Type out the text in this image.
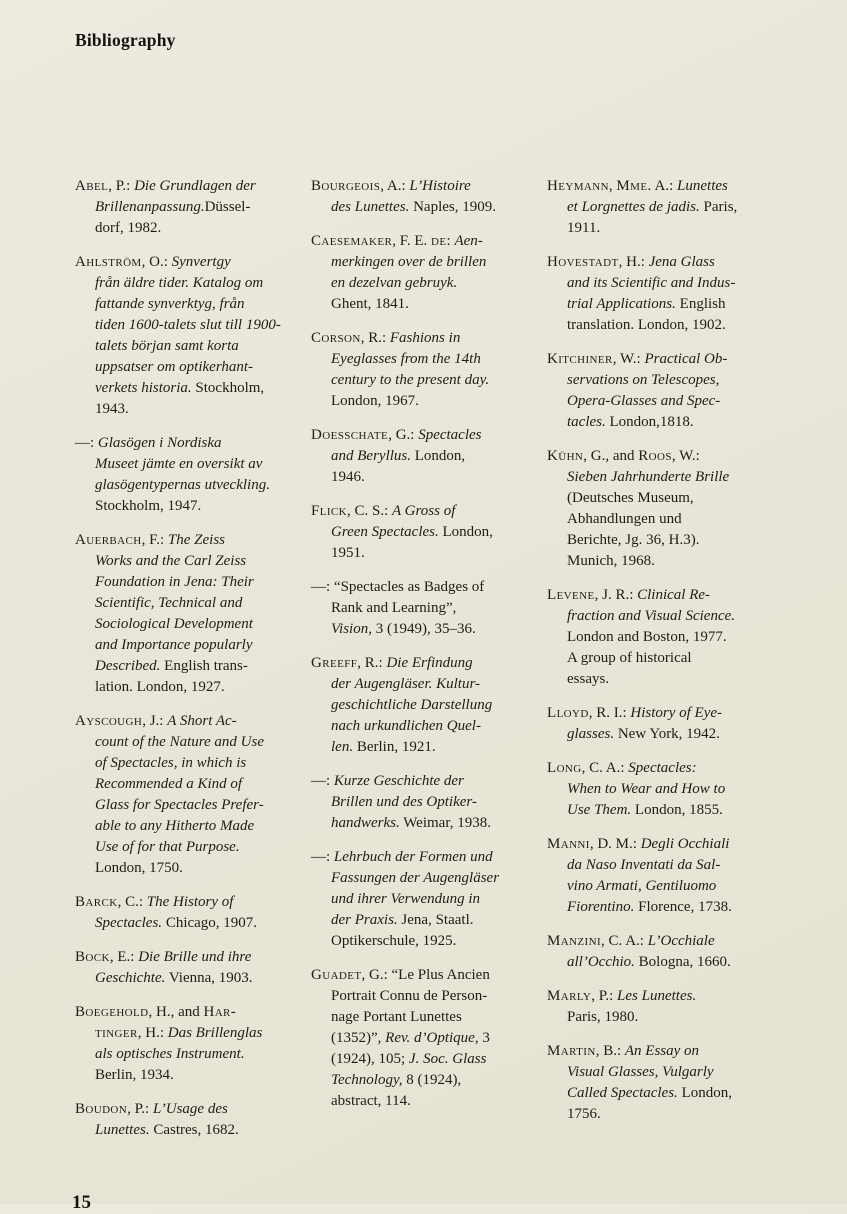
Bibliography
Abel, P.: Die Grundlagen der
Brillenanpassung.Düssel-
dorf, 1982.
Ahlström, O.: Synvertgy
från äldre tider. Katalog om
fattande synverktyg, från
tiden 1600-talets slut till 1900-
talets början samt korta
uppsatser om optikerhant-
verkets historia. Stockholm,
1943.
—: Glasögen i Nordiska
Museet jämte en oversikt av
glasögentypernas utveckling.
Stockholm, 1947.
Auerbach, F.: The Zeiss
Works and the Carl Zeiss
Foundation in Jena: Their
Scientific, Technical and
Sociological Development
and Importance popularly
Described. English trans-
lation. London, 1927.
Ayscough, J.: A Short Ac-
count of the Nature and Use
of Spectacles, in which is
Recommended a Kind of
Glass for Spectacles Prefer-
able to any Hitherto Made
Use of for that Purpose.
London, 1750.
Barck, C.: The History of
Spectacles. Chicago, 1907.
Bock, E.: Die Brille und ihre
Geschichte. Vienna, 1903.
Boegehold, H., and Har-
tinger, H.: Das Brillenglas
als optisches Instrument.
Berlin, 1934.
Boudon, P.: L’Usage des
Lunettes. Castres, 1682.
Bourgeois, A.: L’Histoire
des Lunettes. Naples, 1909.
Caesemaker, F. E. de: Aen-
merkingen over de brillen
en dezelvan gebruyk.
Ghent, 1841.
Corson, R.: Fashions in
Eyeglasses from the 14th
century to the present day.
London, 1967.
Doesschate, G.: Spectacles
and Beryllus. London,
1946.
Flick, C. S.: A Gross of
Green Spectacles. London,
1951.
—: “Spectacles as Badges of
Rank and Learning”,
Vision, 3 (1949), 35–36.
Greeff, R.: Die Erfindung
der Augengläser. Kultur-
geschichtliche Darstellung
nach urkundlichen Quel-
len. Berlin, 1921.
—: Kurze Geschichte der
Brillen und des Optiker-
handwerks. Weimar, 1938.
—: Lehrbuch der Formen und
Fassungen der Augengläser
und ihrer Verwendung in
der Praxis. Jena, Staatl.
Optikerschule, 1925.
Guadet, G.: “Le Plus Ancien
Portrait Connu de Person-
nage Portant Lunettes
(1352)”, Rev. d’Optique, 3
(1924), 105; J. Soc. Glass
Technology, 8 (1924),
abstract, 114.
Heymann, Mme. A.: Lunettes
et Lorgnettes de jadis. Paris,
1911.
Hovestadt, H.: Jena Glass
and its Scientific and Indus-
trial Applications. English
translation. London, 1902.
Kitchiner, W.: Practical Ob-
servations on Telescopes,
Opera-Glasses and Spec-
tacles. London,1818.
Kühn, G., and Roos, W.:
Sieben Jahrhunderte Brille
(Deutsches Museum,
Abhandlungen und
Berichte, Jg. 36, H.3).
Munich, 1968.
Levene, J. R.: Clinical Re-
fraction and Visual Science.
London and Boston, 1977.
A group of historical
essays.
Lloyd, R. I.: History of Eye-
glasses. New York, 1942.
Long, C. A.: Spectacles:
When to Wear and How to
Use Them. London, 1855.
Manni, D. M.: Degli Occhiali
da Naso Inventati da Sal-
vino Armati, Gentiluomo
Fiorentino. Florence, 1738.
Manzini, C. A.: L’Occhiale
all’Occhio. Bologna, 1660.
Marly, P.: Les Lunettes.
Paris, 1980.
Martin, B.: An Essay on
Visual Glasses, Vulgarly
Called Spectacles. London,
1756.
15
